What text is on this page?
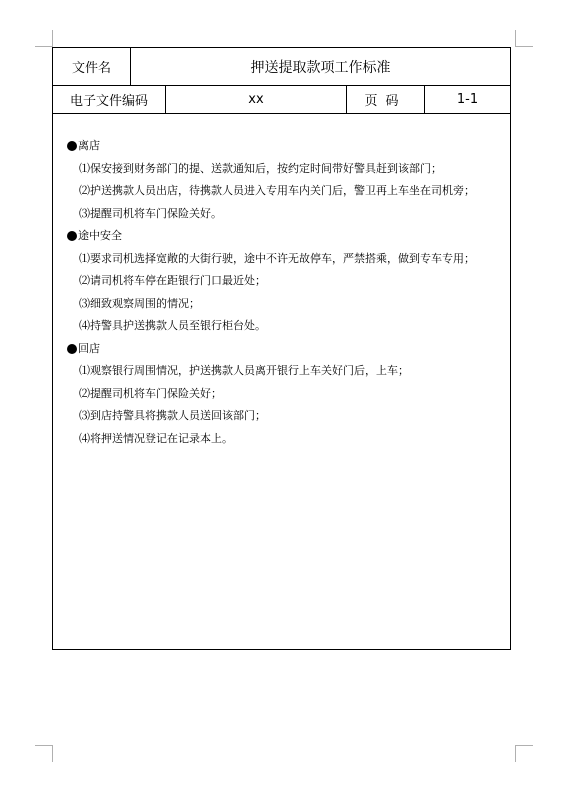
文件名	押送提取款项工作标准
电子文件编码	xx	页码	1-1
离店
⑴保安接到财务部门的提、送款通知后，按约定时间带好警具赶到该部门；
⑵护送携款人员出店，待携款人员进入专用车内关门后，警卫再上车坐在司机旁；
⑶提醒司机将车门保险关好。
途中安全
⑴要求司机选择宽敞的大街行驶，途中不许无故停车，严禁搭乘，做到专车专用；
⑵请司机将车停在距银行门口最近处；
⑶细致观察周围的情况；
⑷持警具护送携款人员至银行柜台处。
回店
⑴观察银行周围情况，护送携款人员离开银行上车关好门后，上车；
⑵提醒司机将车门保险关好；
⑶到店持警具将携款人员送回该部门；
⑷将押送情况登记在记录本上。
